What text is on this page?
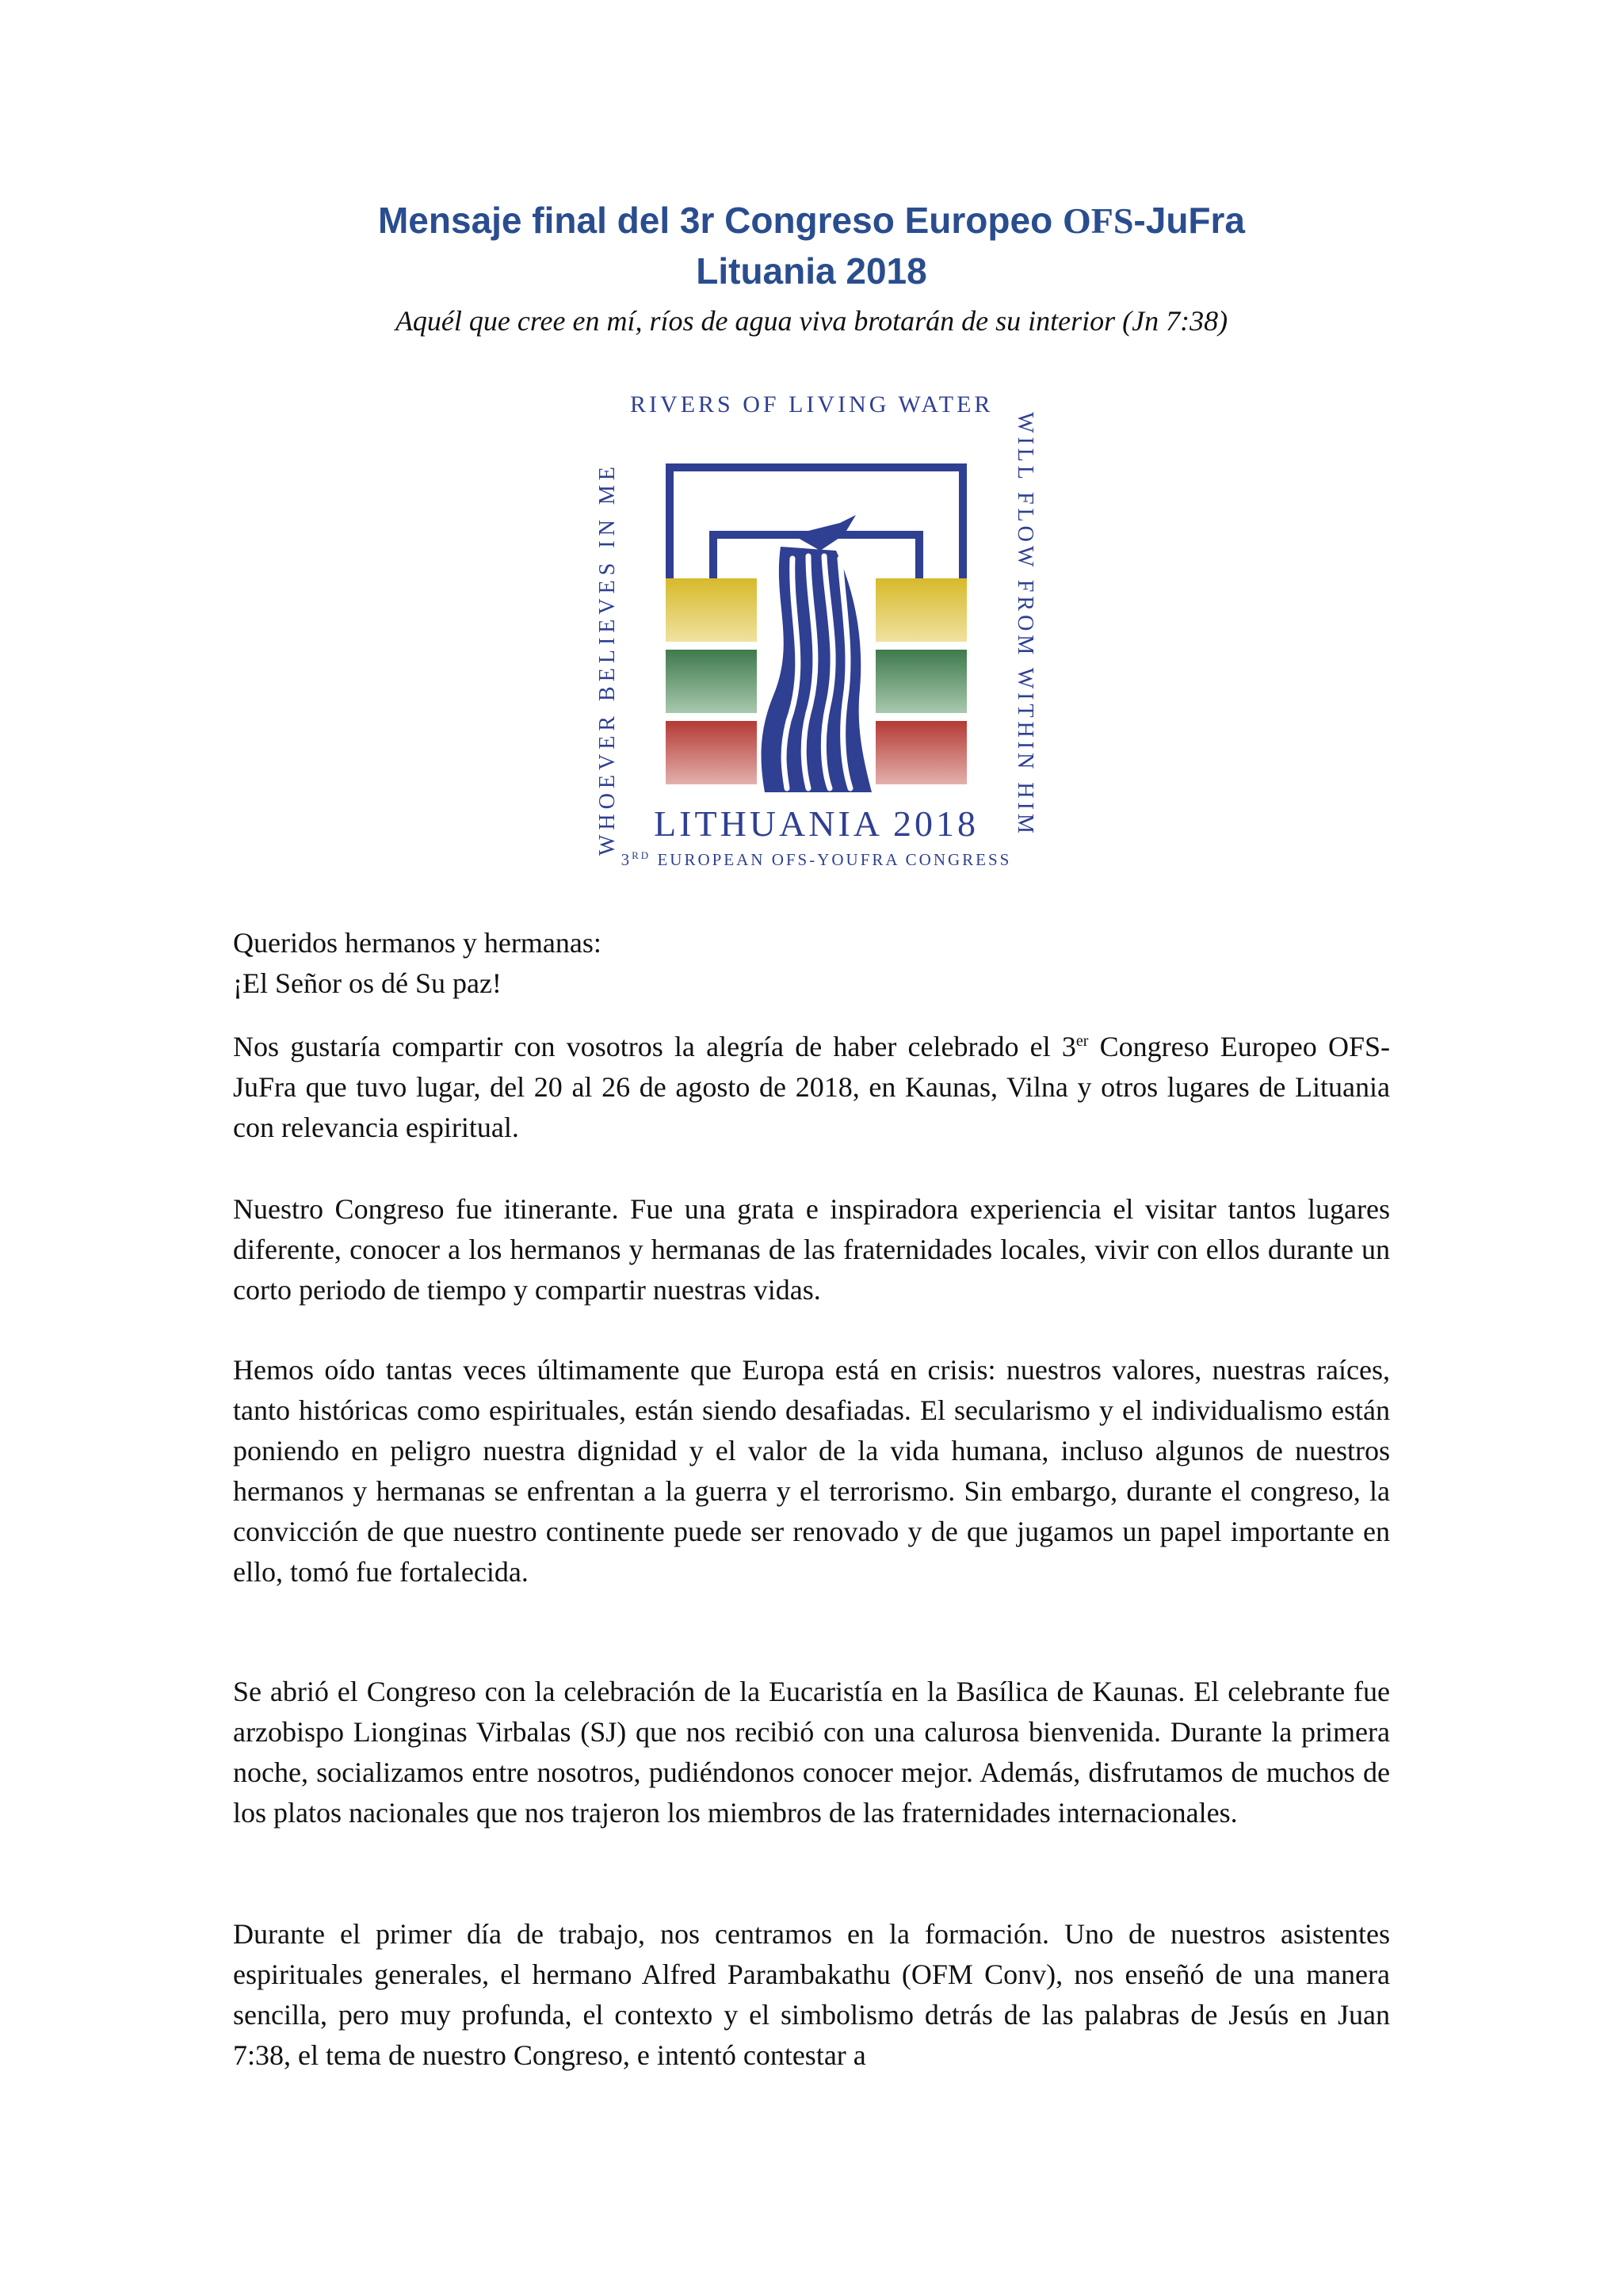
Mensaje final del 3r Congreso Europeo OFS-JuFra
Lituania 2018
Aquél que cree en mí, ríos de agua viva brotarán de su interior (Jn 7:38)
RIVERS OF LIVING WATER
WHOEVER BELIEVES IN ME
WILL FLOW FROM WITHIN HIM
LITHUANIA 2018
3RD EUROPEAN OFS-YOUFRA CONGRESS
Queridos hermanos y hermanas:
¡El Señor os dé Su paz!

Nos gustaría compartir con vosotros la alegría de haber celebrado el 3er Congreso Europeo OFS-JuFra que tuvo lugar, del 20 al 26 de agosto de 2018, en Kaunas, Vilna y otros lugares de Lituania con relevancia espiritual.

Nuestro Congreso fue itinerante. Fue una grata e inspiradora experiencia el visitar tantos lugares diferente, conocer a los hermanos y hermanas de las fraternidades locales, vivir con ellos durante un corto periodo de tiempo y compartir nuestras vidas.

Hemos oído tantas veces últimamente que Europa está en crisis: nuestros valores, nuestras raíces, tanto históricas como espirituales, están siendo desafiadas. El secularismo y el individualismo están poniendo en peligro nuestra dignidad y el valor de la vida humana, incluso algunos de nuestros hermanos y hermanas se enfrentan a la guerra y el terrorismo. Sin embargo, durante el congreso, la convicción de que nuestro continente puede ser renovado y de que jugamos un papel importante en ello, tomó fue fortalecida.

Se abrió el Congreso con la celebración de la Eucaristía en la Basílica de Kaunas. El celebrante fue arzobispo Lionginas Virbalas (SJ) que nos recibió con una calurosa bienvenida. Durante la primera noche, socializamos entre nosotros, pudiéndonos conocer mejor. Además, disfrutamos de muchos de los platos nacionales que nos trajeron los miembros de las fraternidades internacionales.

Durante el primer día de trabajo, nos centramos en la formación. Uno de nuestros asistentes espirituales generales, el hermano Alfred Parambakathu (OFM Conv), nos enseñó de una manera sencilla, pero muy profunda, el contexto y el simbolismo detrás de las palabras de Jesús en Juan 7:38, el tema de nuestro Congreso, e intentó contestar a
